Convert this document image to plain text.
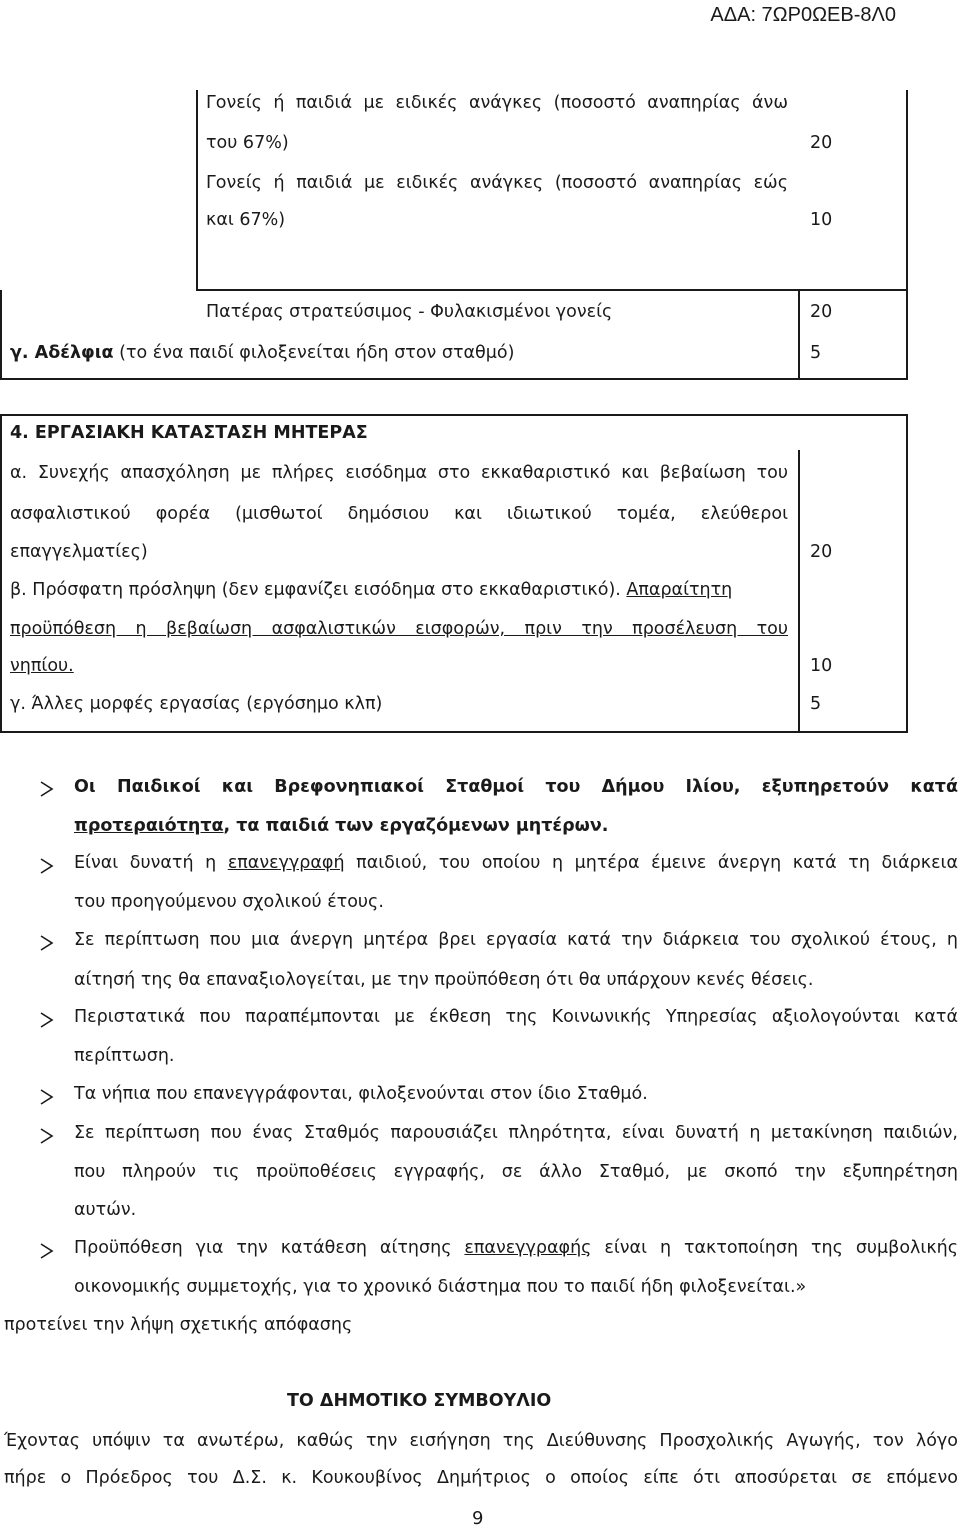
ΑΔΑ: 7ΩΡ0ΩΕΒ-8Λ0
Γονείς ή παιδιά με ειδικές ανάγκες (ποσοστό αναπηρίας άνω
του 67%)	20
Γονείς ή παιδιά με ειδικές ανάγκες (ποσοστό αναπηρίας εώς
και 67%)	10
Πατέρας στρατεύσιμος - Φυλακισμένοι γονείς	20
γ. Αδέλφια (το ένα παιδί φιλοξενείται ήδη στον σταθμό)	5
4. ΕΡΓΑΣΙΑΚΗ ΚΑΤΑΣΤΑΣΗ ΜΗΤΕΡΑΣ
α. Συνεχής απασχόληση με πλήρες εισόδημα στο εκκαθαριστικό και βεβαίωση του
ασφαλιστικού φορέα (μισθωτοί δημόσιου και ιδιωτικού τομέα, ελεύθεροι
επαγγελματίες)	20
β. Πρόσφατη πρόσληψη (δεν εμφανίζει εισόδημα στο εκκαθαριστικό). Απαραίτητη
προϋπόθεση η βεβαίωση ασφαλιστικών εισφορών, πριν την προσέλευση του
νηπίου.	10
γ. Άλλες μορφές εργασίας (εργόσημο κλπ)	5
Οι Παιδικοί και Βρεφονηπιακοί Σταθμοί του Δήμου Ιλίου, εξυπηρετούν κατά
προτεραιότητα, τα παιδιά των εργαζόμενων μητέρων.
Είναι δυνατή η επανεγγραφή παιδιού, του οποίου η μητέρα έμεινε άνεργη κατά τη διάρκεια
του προηγούμενου σχολικού έτους.
Σε περίπτωση που μια άνεργη μητέρα βρει εργασία κατά την διάρκεια του σχολικού έτους, η
αίτησή της θα επαναξιολογείται, με την προϋπόθεση ότι θα υπάρχουν κενές θέσεις.
Περιστατικά που παραπέμπονται με έκθεση της Κοινωνικής Υπηρεσίας αξιολογούνται κατά
περίπτωση.
Τα νήπια που επανεγγράφονται, φιλοξενούνται στον ίδιο Σταθμό.
Σε περίπτωση που ένας Σταθμός παρουσιάζει πληρότητα, είναι δυνατή η μετακίνηση παιδιών,
που πληρούν τις προϋποθέσεις εγγραφής, σε άλλο Σταθμό, με σκοπό την εξυπηρέτηση
αυτών.
Προϋπόθεση για την κατάθεση αίτησης επανεγγραφής είναι η τακτοποίηση της συμβολικής
οικονομικής συμμετοχής, για το χρονικό διάστημα που το παιδί ήδη φιλοξενείται.»
προτείνει την λήψη σχετικής απόφασης
ΤΟ ΔΗΜΟΤΙΚΟ ΣΥΜΒΟΥΛΙΟ
Έχοντας υπόψιν τα ανωτέρω, καθώς την εισήγηση της Διεύθυνσης Προσχολικής Αγωγής, τον λόγο
πήρε ο Πρόεδρος του Δ.Σ. κ. Κουκουβίνος Δημήτριος ο οποίος είπε ότι αποσύρεται σε επόμενο
9
